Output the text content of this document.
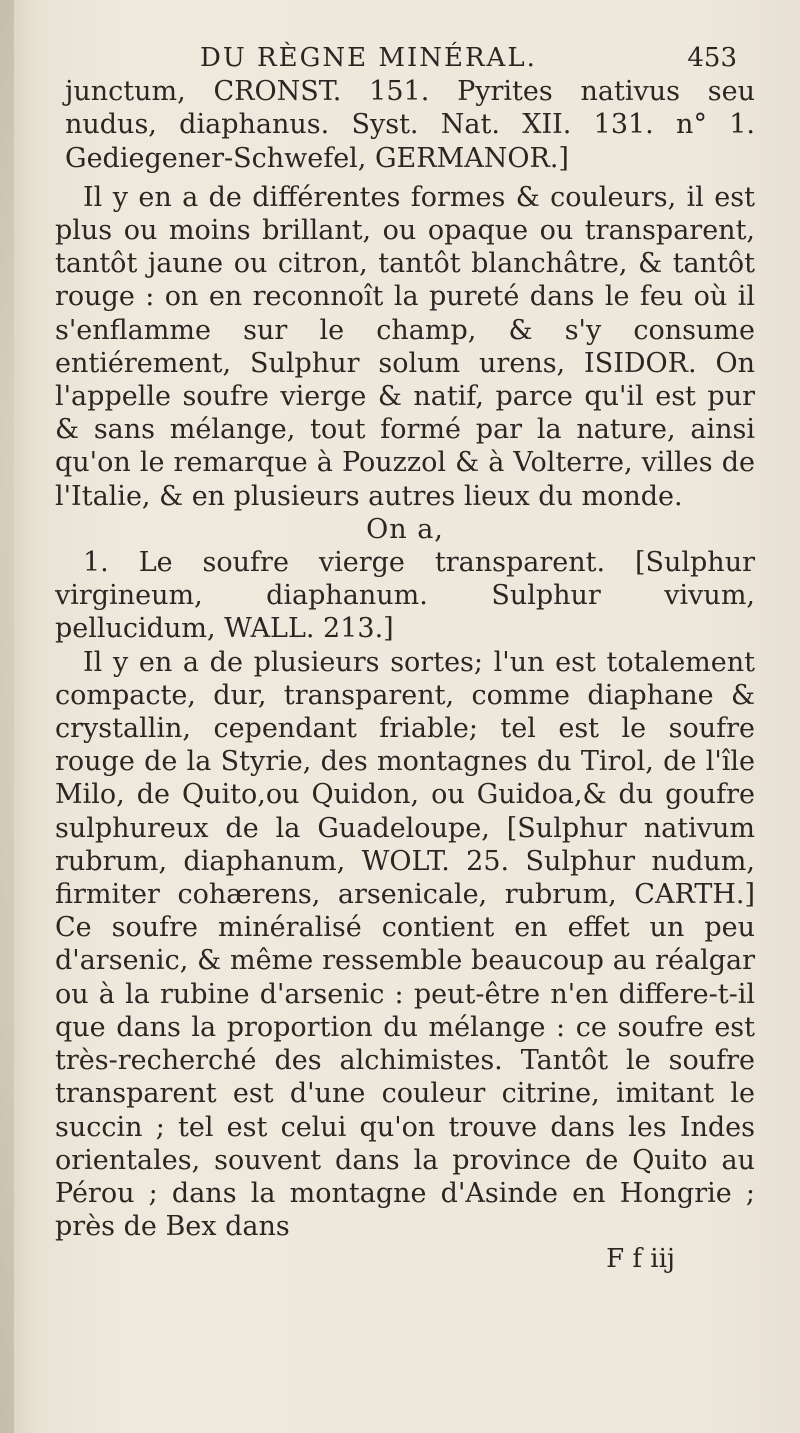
DU RÈGNE MINÉRAL.	453

junctum, CRONST. 151. Pyrites nativus seu nudus, diaphanus. Syst. Nat. XII. 131. n° 1. Gediegener-Schwefel, GERMANOR.]

Il y en a de différentes formes & couleurs, il est plus ou moins brillant, ou opaque ou transparent, tantôt jaune ou citron, tantôt blanchâtre, & tantôt rouge : on en reconnoît la pureté dans le feu où il s'enflamme sur le champ, & s'y consume entiérement, Sulphur solum urens, ISIDOR. On l'appelle soufre vierge & natif, parce qu'il est pur & sans mélange, tout formé par la nature, ainsi qu'on le remarque à Pouzzol & à Volterre, villes de l'Italie, & en plusieurs autres lieux du monde.

On a,

1. Le soufre vierge transparent. [Sulphur virgineum, diaphanum. Sulphur vivum, pellucidum, WALL. 213.]

Il y en a de plusieurs sortes; l'un est totalement compacte, dur, transparent, comme diaphane & crystallin, cependant friable; tel est le soufre rouge de la Styrie, des montagnes du Tirol, de l'île Milo, de Quito,ou Quidon, ou Guidoa,& du goufre sulphureux de la Guadeloupe, [Sulphur nativum rubrum, diaphanum, WOLT. 25. Sulphur nudum, firmiter cohærens, arsenicale, rubrum, CARTH.] Ce soufre minéralisé contient en effet un peu d'arsenic, & même ressemble beaucoup au réalgar ou à la rubine d'arsenic : peut-être n'en differe-t-il que dans la proportion du mélange : ce soufre est très-recherché des alchimistes. Tantôt le soufre transparent est d'une couleur citrine, imitant le succin ; tel est celui qu'on trouve dans les Indes orientales, souvent dans la province de Quito au Pérou ; dans la montagne d'Asinde en Hongrie ; près de Bex dans

F f iij
